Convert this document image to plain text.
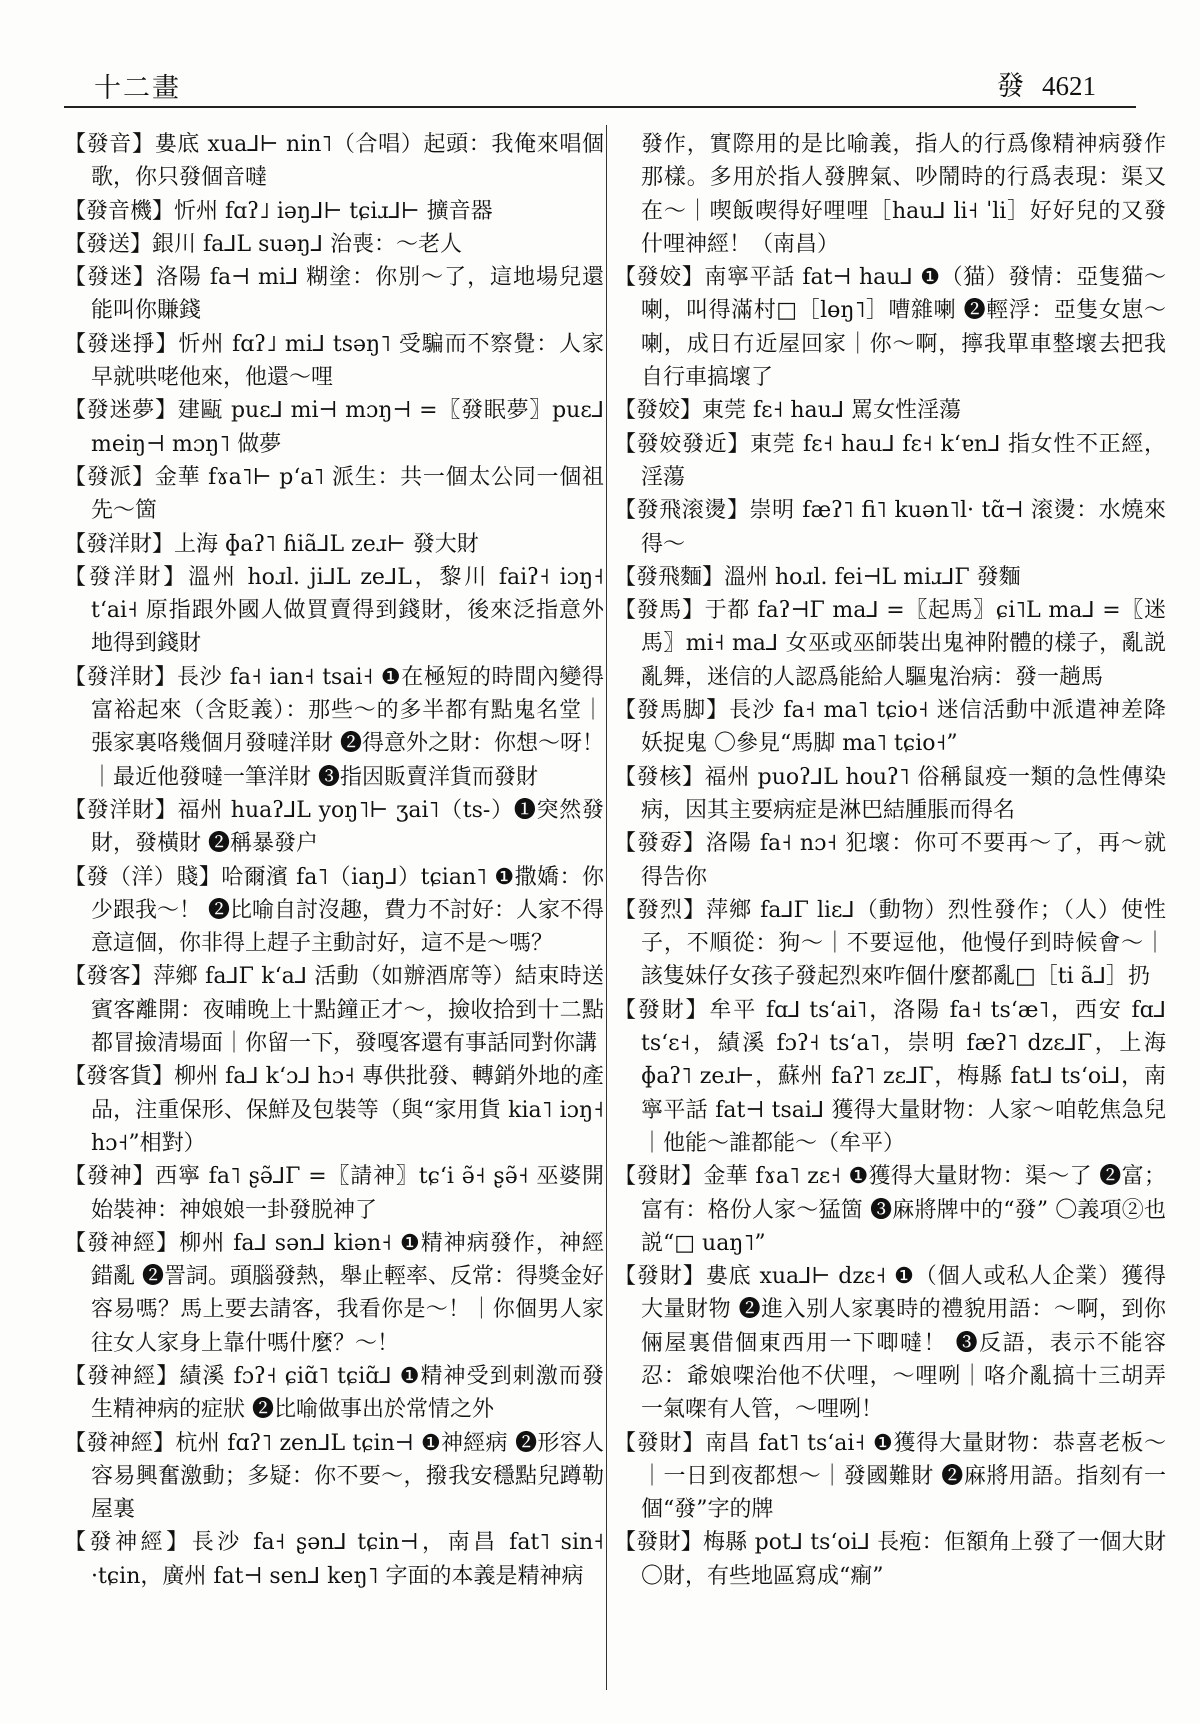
十二畫	發 4621

【發音】婁底 xua⅃⊢ nin˥（合唱）起頭：我俺來唱個歌，你只發個音噠

【發音機】忻州 fɑʔ˩ iəŋ⅃⊢ tɕiɹ⅃⊢ 擴音器

【發送】銀川 fa⅃L suəŋ⅃ 治喪：～老人

【發迷】洛陽 fa⊣ mi⅃ 糊塗：你別～了，這地場兒還能叫你賺錢

【發迷掙】忻州 fɑʔ˩ mi⅃ tsəŋ˥ 受騙而不察覺：人家早就哄咾他來，他還～哩

【發迷夢】建甌 puɛ⅃ mi⊣ mɔŋ⊣ =〖發眠夢〗puɛ⅃ meiŋ⊣ mɔŋ˥ 做夢

【發派】金華 fɤa˥⊢ pʻa˥ 派生：共一個太公同一個祖先～箇

【發洋財】上海 ɸaʔ˥ ɦiã⅃L zeɹ⊢ 發大財

【發洋財】溫州 hoɹl. ji⅃L ze⅃L，黎川 faiʔ˧ iɔŋ˧ tʻai˧ 原指跟外國人做買賣得到錢財，後來泛指意外地得到錢財

【發洋財】長沙 fa˧ ian˧ tsai˧ ❶在極短的時間內變得富裕起來（含貶義）：那些～的多半都有點鬼名堂｜張家裏咯幾個月發噠洋財 ❷得意外之財：你想～呀！｜最近他發噠一筆洋財 ❸指因販賣洋貨而發財

【發洋財】福州 huaʔ⅃L yoŋ˥⊢ ʒai˥（ts-）❶突然發財，發橫財 ❷稱暴發户

【發（洋）賤】哈爾濱 fa˥（iaŋ⅃）tɕian˥ ❶撒嬌：你少跟我～！ ❷比喻自討沒趣，費力不討好：人家不得意這個，你非得上趕子主動討好，這不是～嗎？

【發客】萍鄉 fa⅃Γ kʻa⅃ 活動（如辦酒席等）結束時送賓客離開：夜晡晚上十點鐘正才～，撿收拾到十二點都冒撿清場面｜你留一下，發嘎客還有事話同對你講

【發客貨】柳州 fa⅃ kʻɔ⅃ hɔ˧ 專供批發、轉銷外地的產品，注重保形、保鮮及包裝等（與“家用貨 kia˥ iɔŋ˧ hɔ˧”相對）

【發神】西寧 fa˥ ʂə̃⅃Γ =〖請神〗tɕʻi ə̃˧ ʂə̃˧ 巫婆開始裝神：神娘娘一卦發脱神了

【發神經】柳州 fa⅃ sən⅃ kiən˧ ❶精神病發作，神經錯亂 ❷詈詞。頭腦發熱，舉止輕率、反常：得獎金好容易嗎？馬上要去請客，我看你是～！｜你個男人家往女人家身上靠什嗎什麼？～！

【發神經】績溪 fɔʔ˧ ɕiɑ̃˥ tɕiɑ̃⅃ ❶精神受到刺激而發生精神病的症狀 ❷比喻做事出於常情之外

【發神經】杭州 fɑʔ˥ zen⅃L tɕin⊣ ❶神經病 ❷形容人容易興奮激動；多疑：你不要～，撥我安穩點兒蹲勒屋裏

【發神經】長沙 fa˧ ʂən⅃ tɕin⊣，南昌 fat˥ sin˧ ·tɕin，廣州 fat⊣ sen⅃ keŋ˥ 字面的本義是精神病

發作，實際用的是比喻義，指人的行爲像精神病發作那樣。多用於指人發脾氣、吵鬧時的行爲表現：渠又在～｜喫飯喫得好哩哩［hau⅃ li˧ ˈli］好好兒的又發什哩神經！（南昌）

【發姣】南寧平話 fat⊣ hau⅃ ❶（猫）發情：亞隻猫～喇，叫得滿村□［lɵŋ˥］嘈雜喇 ❷輕浮：亞隻女崽～喇，成日冇近屋回家｜你～啊，擰我單車整壞去把我自行車搞壞了

【發姣】東莞 fɛ˧ hau⅃ 罵女性淫蕩

【發姣發近】東莞 fɛ˧ hau⅃ fɛ˧ kʻɐn⅃ 指女性不正經，淫蕩

【發飛滚燙】崇明 fæʔ˥ fi˥ kuən˥l· tɑ̃⊣ 滚燙：水燒來得～

【發飛麵】溫州 hoɹl. fei⊣L miɹ⅃Γ 發麵

【發馬】于都 faʔ⊣Γ ma⅃ =〖起馬〗ɕi˥L ma⅃ =〖迷馬〗mi˧ ma⅃ 女巫或巫師裝出鬼神附體的樣子，亂説亂舞，迷信的人認爲能給人驅鬼治病：發一趟馬

【發馬脚】長沙 fa˧ ma˥ tɕio˧ 迷信活動中派遣神差降妖捉鬼 〇參見“馬脚 ma˥ tɕio˧”

【發核】福州 puoʔ⅃L houʔ˥ 俗稱鼠疫一類的急性傳染病，因其主要病症是淋巴結腫脹而得名

【發孬】洛陽 fa˧ nɔ˧ 犯壞：你可不要再～了，再～就得告你

【發烈】萍鄉 fa⅃Γ liɛ⅃（動物）烈性發作；（人）使性子，不順從：狗～｜不要逗他，他慢仔到時候會～｜該隻妹仔女孩子發起烈來咋個什麼都亂□［ti ã⅃］扔

【發財】牟平 fɑ⅃ tsʻai˥，洛陽 fa˧ tsʻæ˥，西安 fɑ⅃ tsʻɛ˧，績溪 fɔʔ˧ tsʻa˥，崇明 fæʔ˥ dzɛ⅃Γ，上海 ɸaʔ˥ zeɹ⊢，蘇州 faʔ˥ zɛ⅃Γ，梅縣 fat⅃ tsʻoi⅃，南寧平話 fat⊣ tsai⅃ 獲得大量財物：人家～咱乾焦急兒｜他能～誰都能～（牟平）

【發財】金華 fɤa˥ zɛ˧ ❶獲得大量財物：渠～了 ❷富；富有：格份人家～猛箇 ❸麻將牌中的“發” 〇義項②也説“□ uaŋ˥”

【發財】婁底 xua⅃⊢ dzɛ˧ ❶（個人或私人企業）獲得大量財物 ❷進入别人家裏時的禮貌用語：～啊，到你倆屋裏借個東西用一下唧噠！ ❸反語，表示不能容忍：爺娘㗎治他不伏哩，～哩咧｜咯介亂搞十三胡弄一氣㗎有人管，～哩咧！

【發財】南昌 fat˥ tsʻai˧ ❶獲得大量財物：恭喜老板～｜一日到夜都想～｜發國難財 ❷麻將用語。指刻有一個“發”字的牌

【發財】梅縣 pot⅃ tsʻoi⅃ 長疱：佢額角上發了一個大財 〇財，有些地區寫成“痸”
